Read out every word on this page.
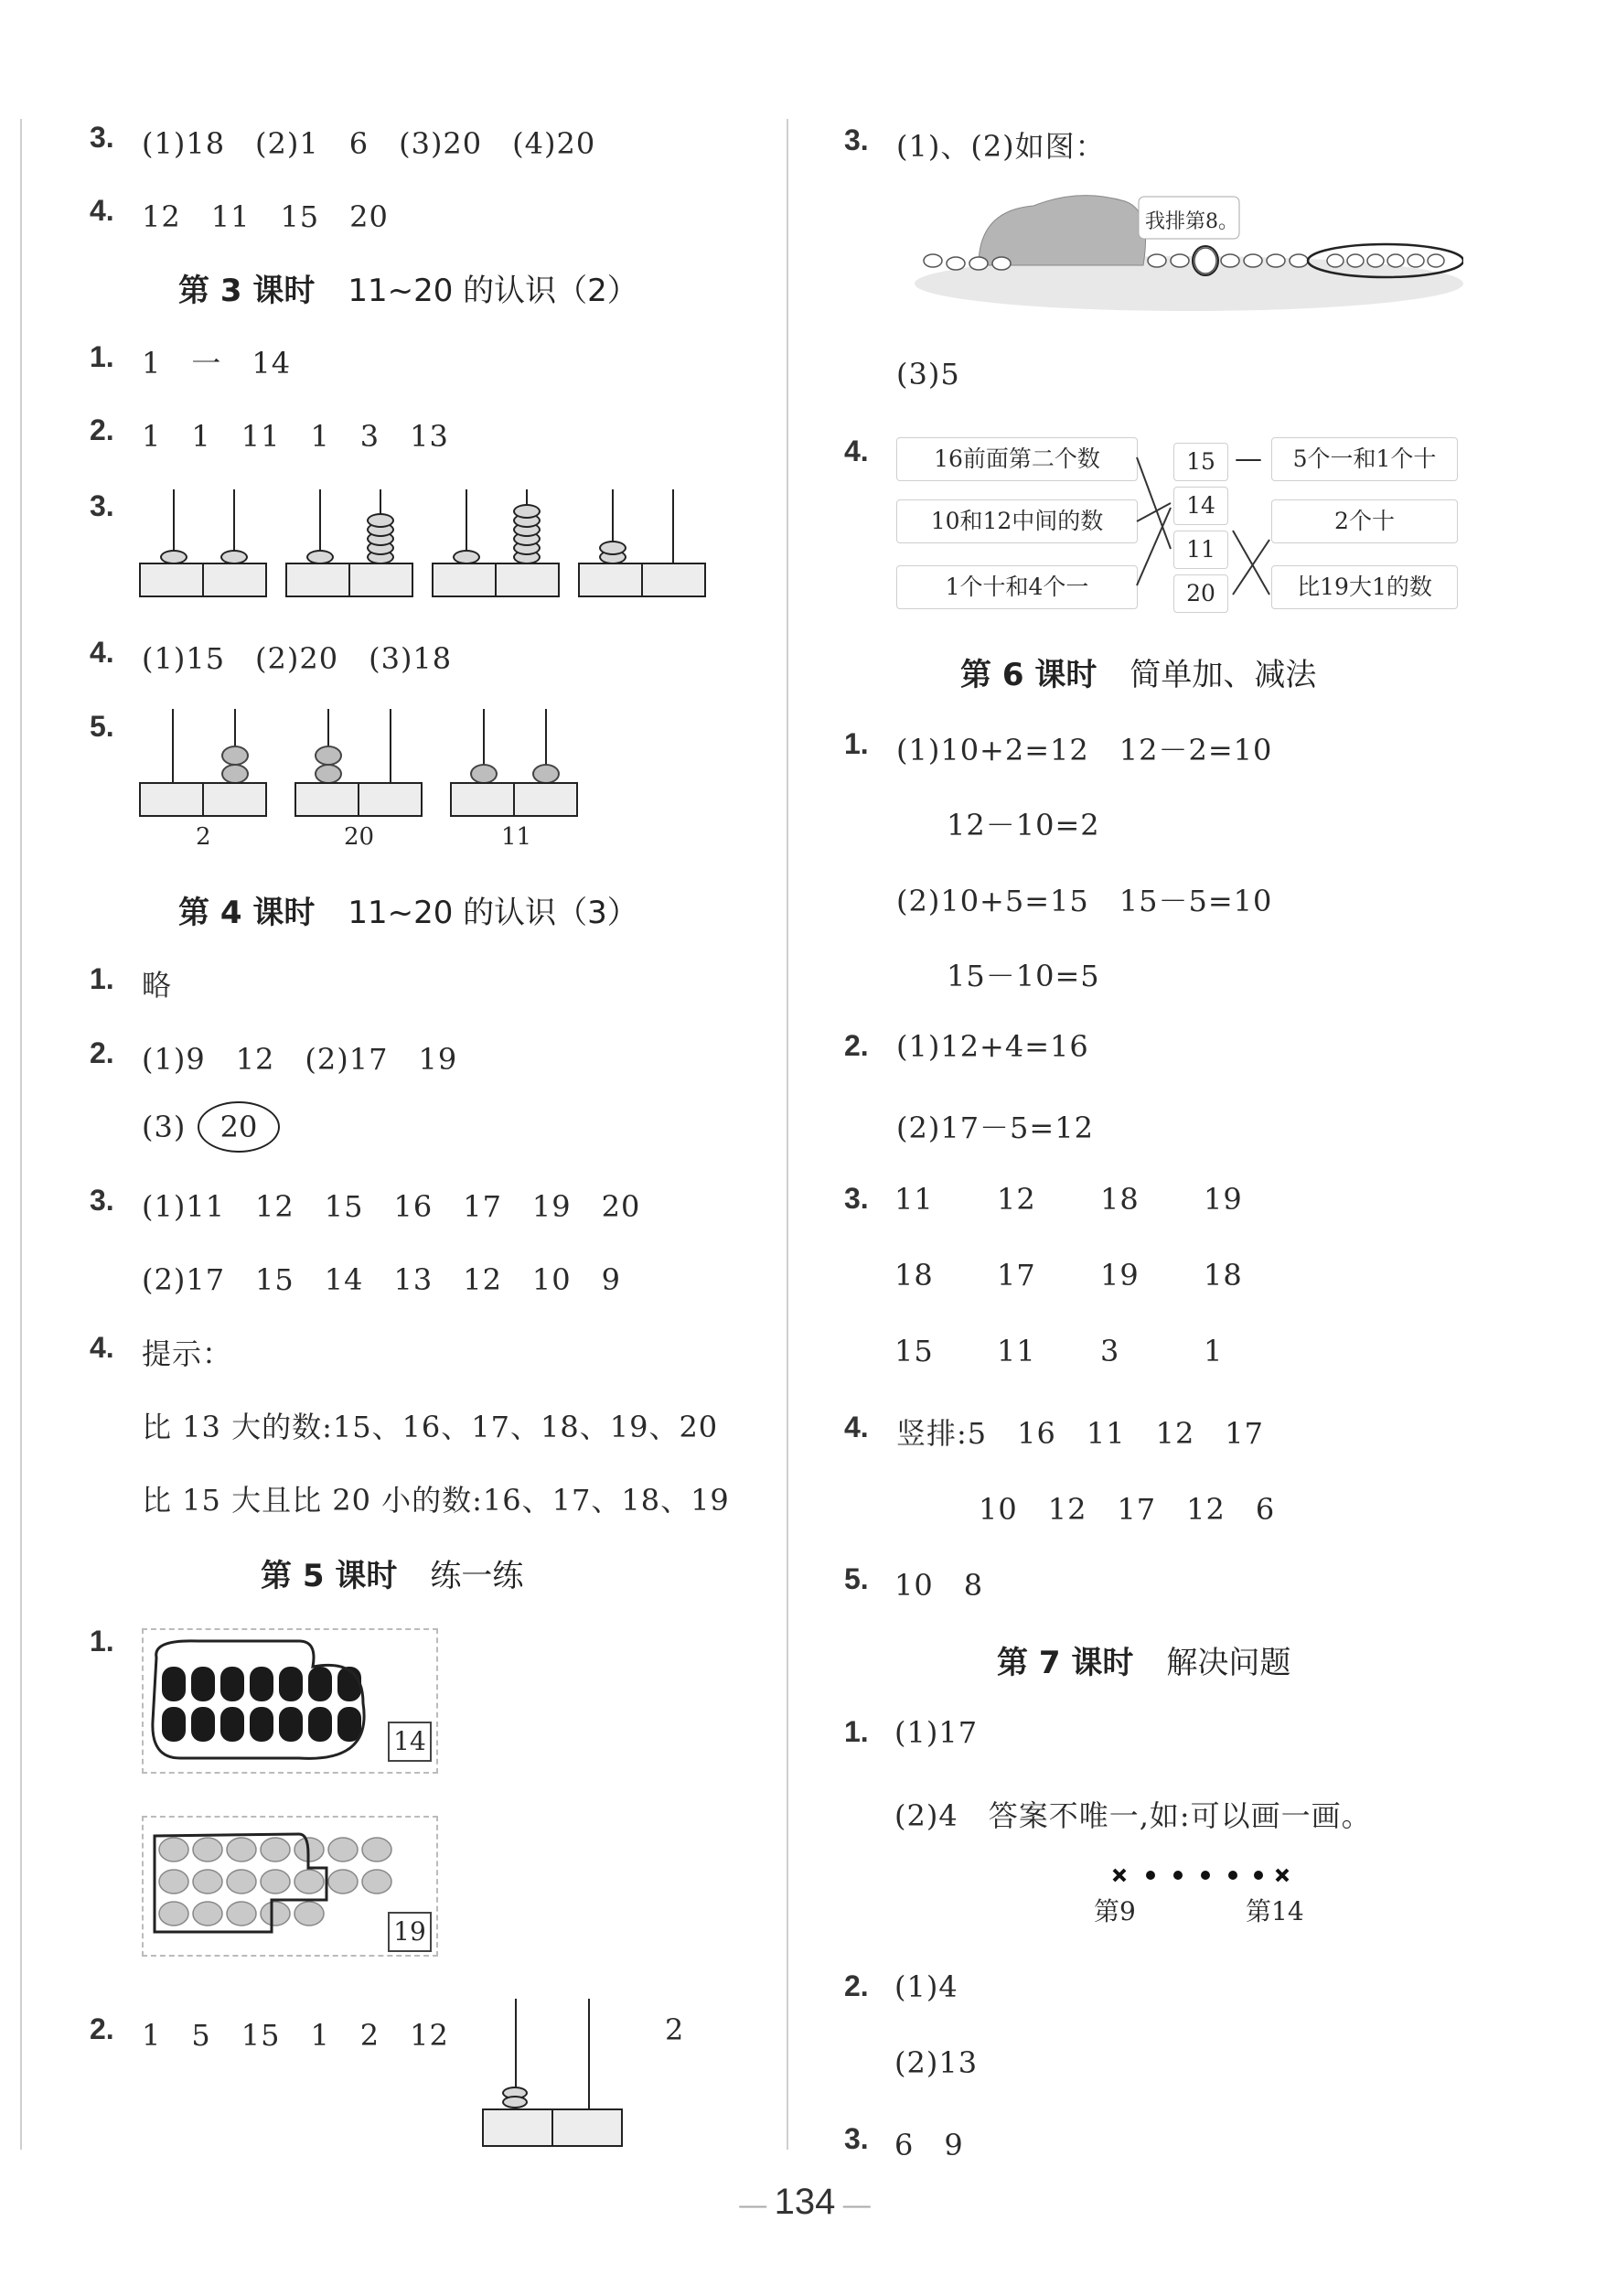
3. (1)18　(2)1　6　(3)20　(4)20
4. 12　11　15　20
第 3 课时 11~20 的认识（2）
1. 1　一　14
2. 1　1　11　1　3　13
3.
4. (1)15　(2)20　(3)18
5.
2	20	11
第 4 课时 11~20 的认识（3）
1. 略
2. (1)9　12　(2)17　19
(3)	20
3. (1)11　12　15　16　17　19　20
(2)17　15　14　13　12　10　9
4. 提示：
比 13 大的数:15、16、17、18、19、20
比 15 大且比 20 小的数:16、17、18、19
第 5 课时 练一练
1.
14
19
2. 1　5　15　1　2　12	2
3. (1)、(2)如图：
我排第8。
(3)5
4.	16前面第二个数
10和12中间的数
1个十和4个一
15
14
11
20
—	5个一和1个十
2个十
比19大1的数
第 6 课时 简单加、减法
1. (1)10+2=12　12－2=10
12－10=2
(2)10+5=15　15－5=10
15－10=5
2. (1)12+4=16
(2)17－5=12
3. 11 12 18 19
18 17 19 18
15 11 3	1
4. 竖排:5　16　11　12　17
10　12　17　12　6
5. 10　8
第 7 课时 解决问题
1. (1)17
(2)4　答案不唯一,如:可以画一画。
第9	第14
2. (1)4
(2)13
3. 6　9
— 134 —
